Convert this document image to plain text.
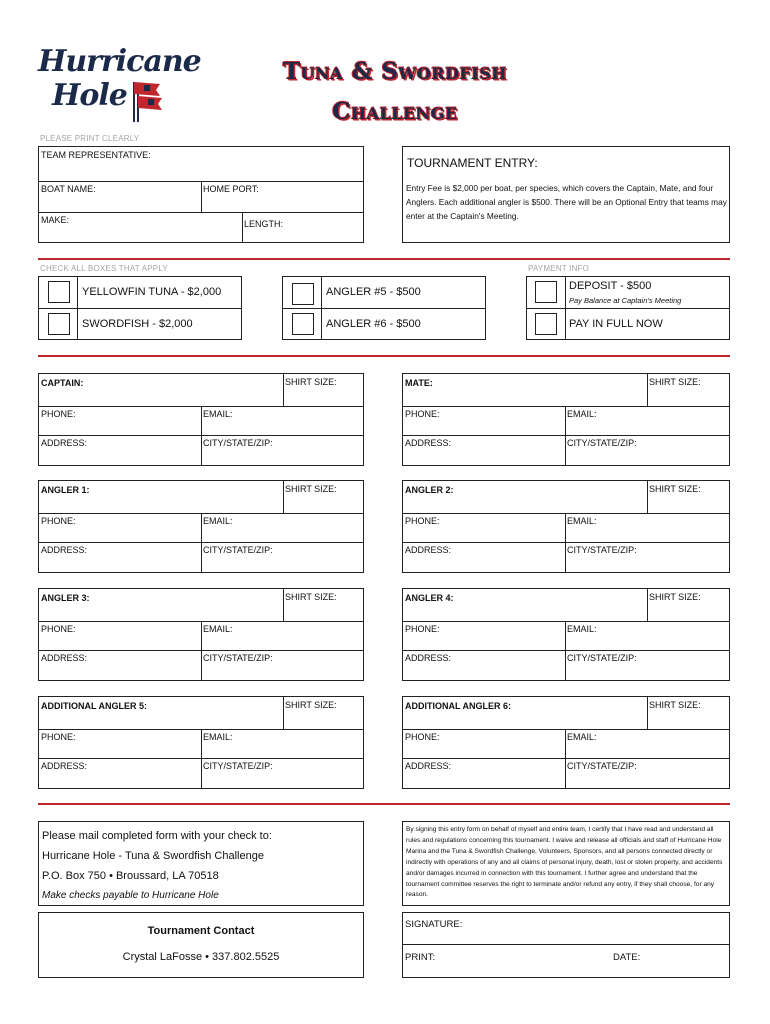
Hurricane
Hole
Tuna & Swordfish
Challenge
PLEASE PRINT CLEARLY
TEAM REPRESENTATIVE:
BOAT NAME:	HOME PORT:
MAKE:	LENGTH:
TOURNAMENT ENTRY:
Entry Fee is $2,000 per boat, per species, which covers the Captain, Mate, and four Anglers. Each additional angler is $500. There will be an Optional Entry that teams may enter at the Captain's Meeting.
CHECK ALL BOXES THAT APPLY	PAYMENT INFO
YELLOWFIN TUNA - $2,000
SWORDFISH - $2,000
ANGLER #5 - $500
ANGLER #6 - $500
DEPOSIT - $500
Pay Balance at Captain's Meeting
PAY IN FULL NOW
CAPTAIN:	SHIRT SIZE:
PHONE:	EMAIL:
ADDRESS:	CITY/STATE/ZIP:
MATE:	SHIRT SIZE:
PHONE:	EMAIL:
ADDRESS:	CITY/STATE/ZIP:
ANGLER 1:	SHIRT SIZE:
PHONE:	EMAIL:
ADDRESS:	CITY/STATE/ZIP:
ANGLER 2:	SHIRT SIZE:
PHONE:	EMAIL:
ADDRESS:	CITY/STATE/ZIP:
ANGLER 3:	SHIRT SIZE:
PHONE:	EMAIL:
ADDRESS:	CITY/STATE/ZIP:
ANGLER 4:	SHIRT SIZE:
PHONE:	EMAIL:
ADDRESS:	CITY/STATE/ZIP:
ADDITIONAL ANGLER 5:	SHIRT SIZE:
PHONE:	EMAIL:
ADDRESS:	CITY/STATE/ZIP:
ADDITIONAL ANGLER 6:	SHIRT SIZE:
PHONE:	EMAIL:
ADDRESS:	CITY/STATE/ZIP:
Please mail completed form with your check to:
Hurricane Hole - Tuna & Swordfish Challenge
P.O. Box 750 • Broussard, LA 70518
Make checks payable to Hurricane Hole
Tournament Contact
Crystal LaFosse • 337.802.5525
By signing this entry form on behalf of myself and entire team, I certify that I have read and understand all rules and regulations concerning this tournament. I waive and release all officials and staff of Hurricane Hole Marina and the Tuna & Swordfish Challenge, Volunteers, Sponsors, and all persons connected directly or indirectly with operations of any and all claims of personal injury, death, lost or stolen property, and accidents and/or damages incurred in connection with this tournament. I further agree and understand that the tournament committee reserves the right to terminate and/or refund any entry, if they shall choose, for any reason.
SIGNATURE:
PRINT:	DATE:
